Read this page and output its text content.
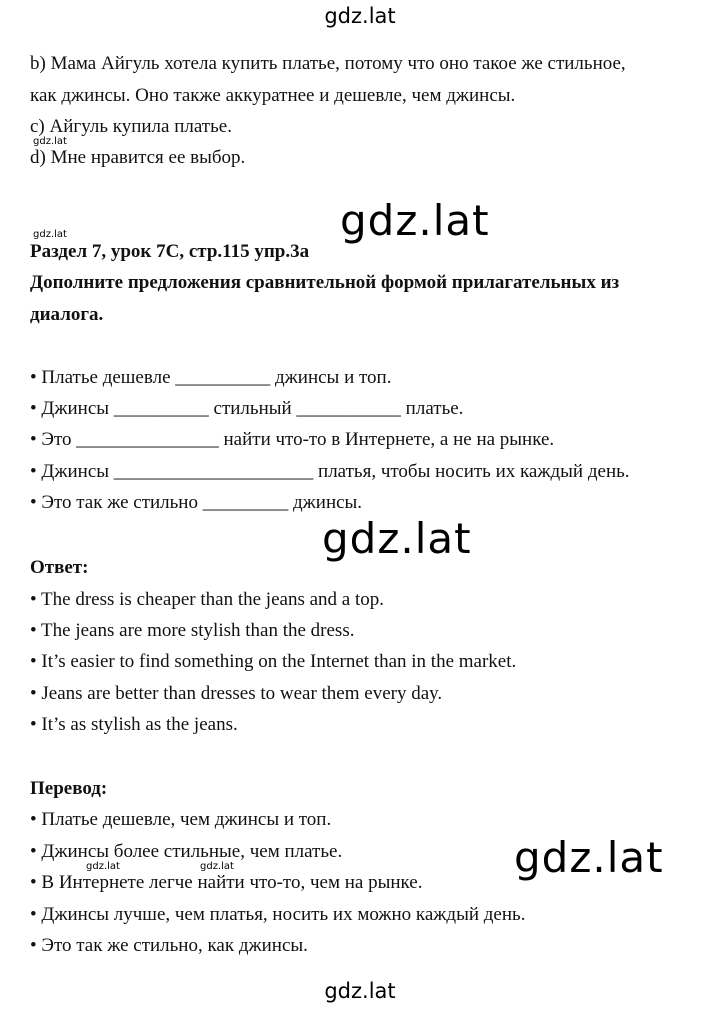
gdz.lat
b) Мама Айгуль хотела купить платье, потому что оно такое же стильное,
как джинсы. Оно также аккуратнее и дешевле, чем джинсы.
c) Айгуль купила платье.
d) Мне нравится ее выбор.
gdz.lat
gdz.lat
gdz.lat
Раздел 7, урок 7С, стр.115 упр.3a
Дополните предложения сравнительной формой прилагательных из
диалога.
• Платье дешевле __________ джинсы и топ.
• Джинсы __________ стильный ___________ платье.
• Это _______________ найти что-то в Интернете, а не на рынке.
• Джинсы _____________________ платья, чтобы носить их каждый день.
• Это так же стильно _________ джинсы.
gdz.lat
Ответ:
• The dress is cheaper than the jeans and a top.
• The jeans are more stylish than the dress.
• It’s easier to find something on the Internet than in the market.
• Jeans are better than dresses to wear them every day.
• It’s as stylish as the jeans.
Перевод:
• Платье дешевле, чем джинсы и топ.
• Джинсы более стильные, чем платье.
• В Интернете легче найти что-то, чем на рынке.
• Джинсы лучше, чем платья, носить их можно каждый день.
• Это так же стильно, как джинсы.
gdz.lat	gdz.lat	gdz.lat
gdz.lat
